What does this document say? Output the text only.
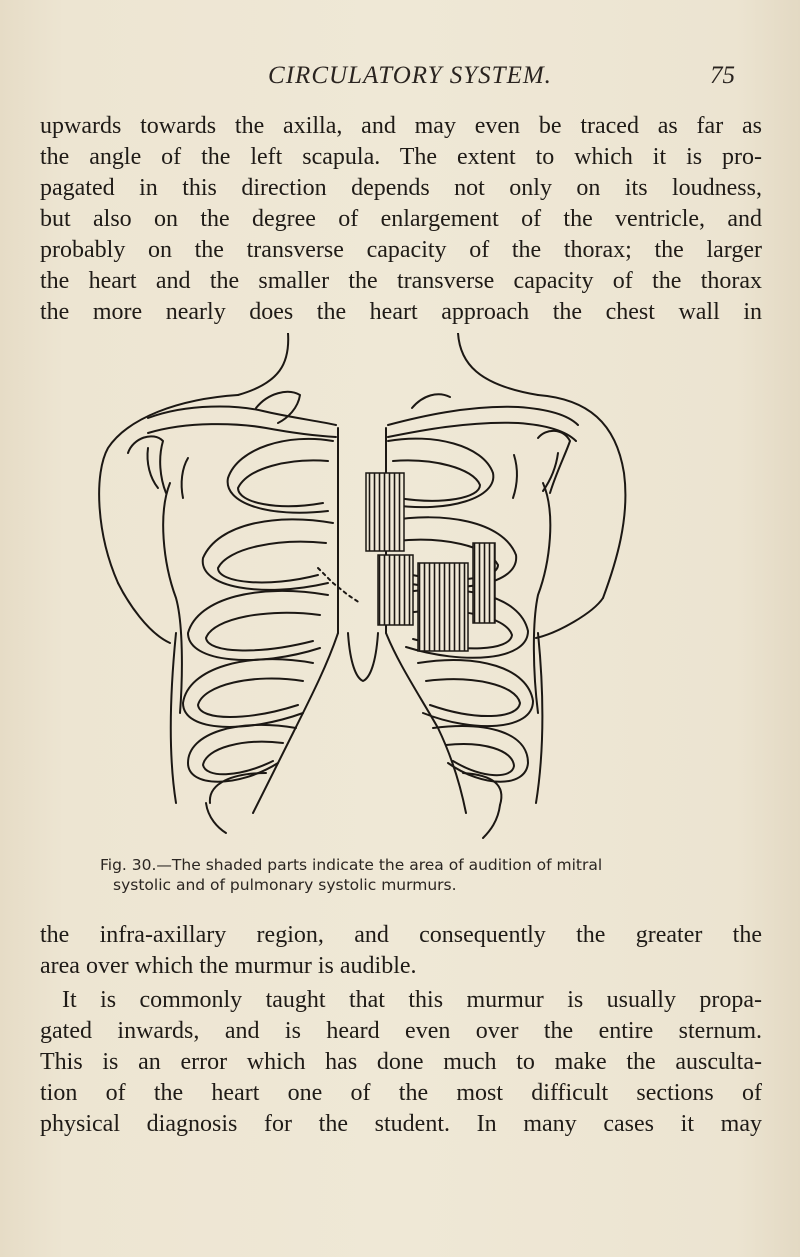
CIRCULATORY SYSTEM.	75
upwards towards the axilla, and may even be traced as far as
the angle of the left scapula. The extent to which it is pro-
pagated in this direction depends not only on its loudness,
but also on the degree of enlargement of the ventricle, and
probably on the transverse capacity of the thorax; the larger
the heart and the smaller the transverse capacity of the thorax
the more nearly does the heart approach the chest wall in
Fig. 30.—The shaded parts indicate the area of audition of mitral
systolic and of pulmonary systolic murmurs.
the infra-axillary region, and consequently the greater the
area over which the murmur is audible.
It is commonly taught that this murmur is usually propa-
gated inwards, and is heard even over the entire sternum.
This is an error which has done much to make the ausculta-
tion of the heart one of the most difficult sections of
physical diagnosis for the student. In many cases it may
